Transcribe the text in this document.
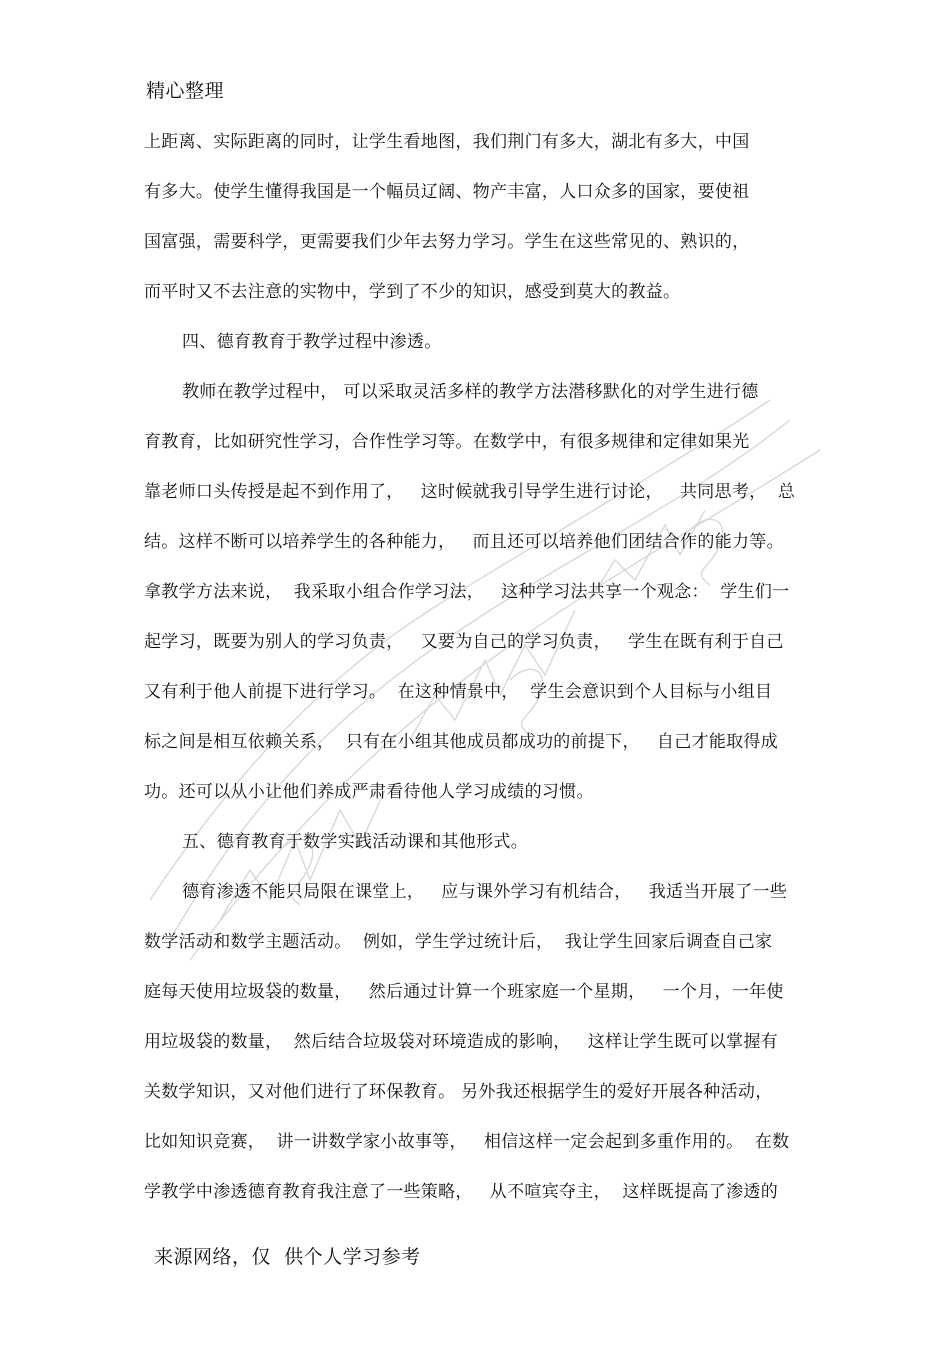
精心整理
上距离、实际距离的同时，让学生看地图，我们荆门有多大，湖北有多大，中国
有多大。使学生懂得我国是一个幅员辽阔、物产丰富，人口众多的国家，要使祖
国富强，需要科学，更需要我们少年去努力学习。学生在这些常见的、熟识的，
而平时又不去注意的实物中，学到了不少的知识，感受到莫大的教益。
四、德育教育于教学过程中渗透。
教师在教学过程中， 可以采取灵活多样的教学方法潜移默化的对学生进行德
育教育，比如研究性学习，合作性学习等。在数学中，有很多规律和定律如果光
靠老师口头传授是起不到作用了，   这时候就我引导学生进行讨论，   共同思考，  总
结。这样不断可以培养学生的各种能力，   而且还可以培养他们团结合作的能力等。
拿教学方法来说，  我采取小组合作学习法，   这种学习法共享一个观念：  学生们一
起学习，既要为别人的学习负责，   又要为自己的学习负责，   学生在既有利于自己
又有利于他人前提下进行学习。  在这种情景中，  学生会意识到个人目标与小组目
标之间是相互依赖关系，  只有在小组其他成员都成功的前提下，   自己才能取得成
功。还可以从小让他们养成严肃看待他人学习成绩的习惯。
五、德育教育于数学实践活动课和其他形式。
德育渗透不能只局限在课堂上，   应与课外学习有机结合，   我适当开展了一些
数学活动和数学主题活动。  例如，学生学过统计后，  我让学生回家后调查自己家
庭每天使用垃圾袋的数量，   然后通过计算一个班家庭一个星期，   一个月，一年使
用垃圾袋的数量，  然后结合垃圾袋对环境造成的影响，   这样让学生既可以掌握有
关数学知识，又对他们进行了环保教育。 另外我还根据学生的爱好开展各种活动，
比如知识竞赛，  讲一讲数学家小故事等，   相信这样一定会起到多重作用的。  在数
学教学中渗透德育教育我注意了一些策略，   从不喧宾夺主，  这样既提高了渗透的
来源网络，仅  供个人学习参考
